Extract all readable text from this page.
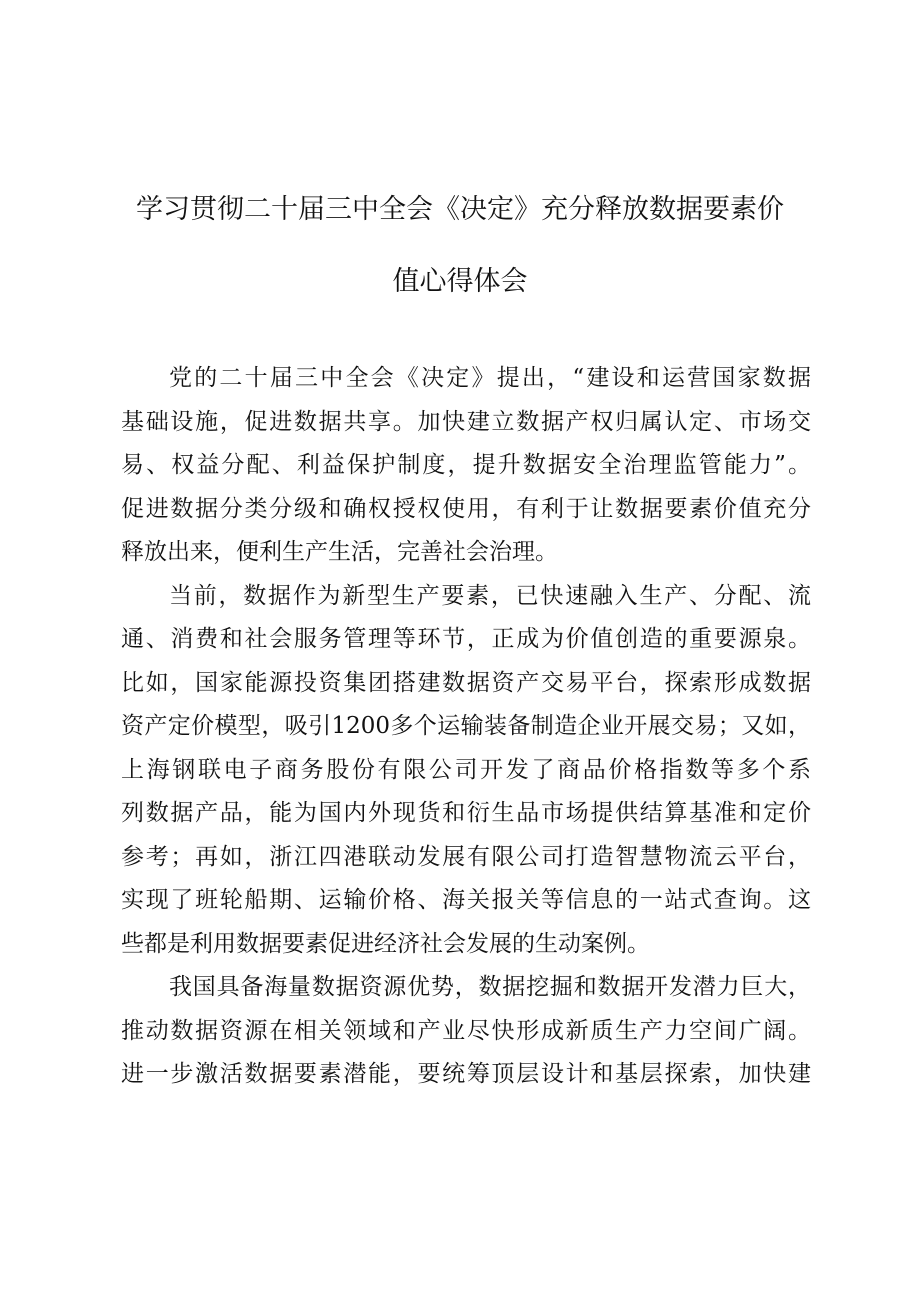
学习贯彻二十届三中全会《决定》充分释放数据要素价
值心得体会
党的二十届三中全会《决定》提出，“建设和运营国家数据
基础设施，促进数据共享。加快建立数据产权归属认定、市场交
易、权益分配、利益保护制度，提升数据安全治理监管能力”。
促进数据分类分级和确权授权使用，有利于让数据要素价值充分
释放出来，便利生产生活，完善社会治理。
当前，数据作为新型生产要素，已快速融入生产、分配、流
通、消费和社会服务管理等环节，正成为价值创造的重要源泉。
比如，国家能源投资集团搭建数据资产交易平台，探索形成数据
资产定价模型，吸引1200多个运输装备制造企业开展交易；又如，
上海钢联电子商务股份有限公司开发了商品价格指数等多个系
列数据产品，能为国内外现货和衍生品市场提供结算基准和定价
参考；再如，浙江四港联动发展有限公司打造智慧物流云平台，
实现了班轮船期、运输价格、海关报关等信息的一站式查询。这
些都是利用数据要素促进经济社会发展的生动案例。
我国具备海量数据资源优势，数据挖掘和数据开发潜力巨大，
推动数据资源在相关领域和产业尽快形成新质生产力空间广阔。
进一步激活数据要素潜能，要统筹顶层设计和基层探索，加快建
